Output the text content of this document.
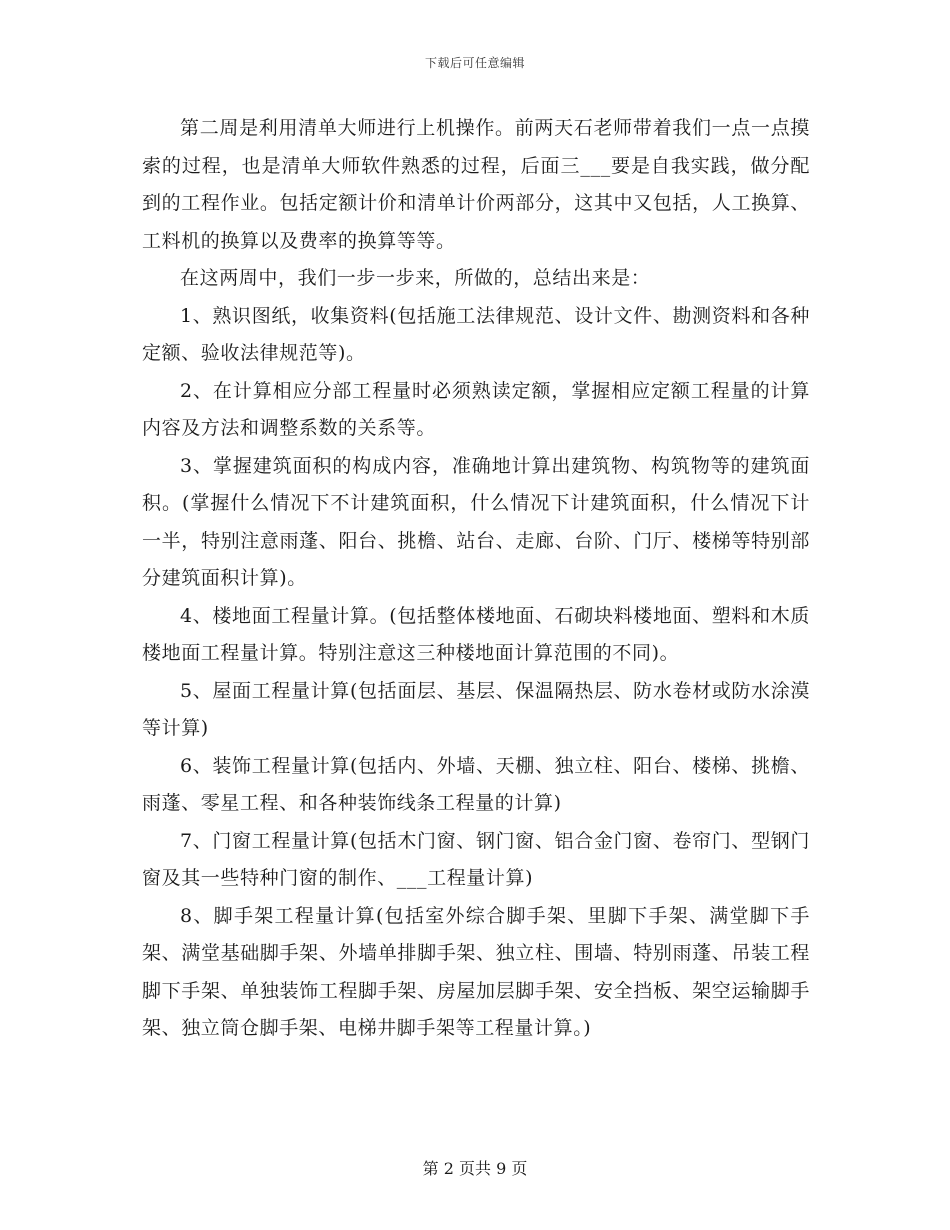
下载后可任意编辑

第二周是利用清单大师进行上机操作。前两天石老师带着我们一点一点摸索的过程，也是清单大师软件熟悉的过程，后面三___要是自我实践，做分配到的工程作业。包括定额计价和清单计价两部分，这其中又包括，人工换算、工料机的换算以及费率的换算等等。

在这两周中，我们一步一步来，所做的，总结出来是：

1、熟识图纸，收集资料(包括施工法律规范、设计文件、勘测资料和各种定额、验收法律规范等)。

2、在计算相应分部工程量时必须熟读定额，掌握相应定额工程量的计算内容及方法和调整系数的关系等。

3、掌握建筑面积的构成内容，准确地计算出建筑物、构筑物等的建筑面积。(掌握什么情况下不计建筑面积，什么情况下计建筑面积，什么情况下计一半，特别注意雨蓬、阳台、挑檐、站台、走廊、台阶、门厅、楼梯等特别部分建筑面积计算)。

4、楼地面工程量计算。(包括整体楼地面、石砌块料楼地面、塑料和木质楼地面工程量计算。特别注意这三种楼地面计算范围的不同)。

5、屋面工程量计算(包括面层、基层、保温隔热层、防水卷材或防水涂漠等计算)

6、装饰工程量计算(包括内、外墙、天棚、独立柱、阳台、楼梯、挑檐、雨蓬、零星工程、和各种装饰线条工程量的计算)

7、门窗工程量计算(包括木门窗、钢门窗、铝合金门窗、卷帘门、型钢门窗及其一些特种门窗的制作、___工程量计算)

8、脚手架工程量计算(包括室外综合脚手架、里脚下手架、满堂脚下手架、满堂基础脚手架、外墙单排脚手架、独立柱、围墙、特别雨蓬、吊装工程脚下手架、单独装饰工程脚手架、房屋加层脚手架、安全挡板、架空运输脚手架、独立筒仓脚手架、电梯井脚手架等工程量计算。)

第 2 页共 9 页
